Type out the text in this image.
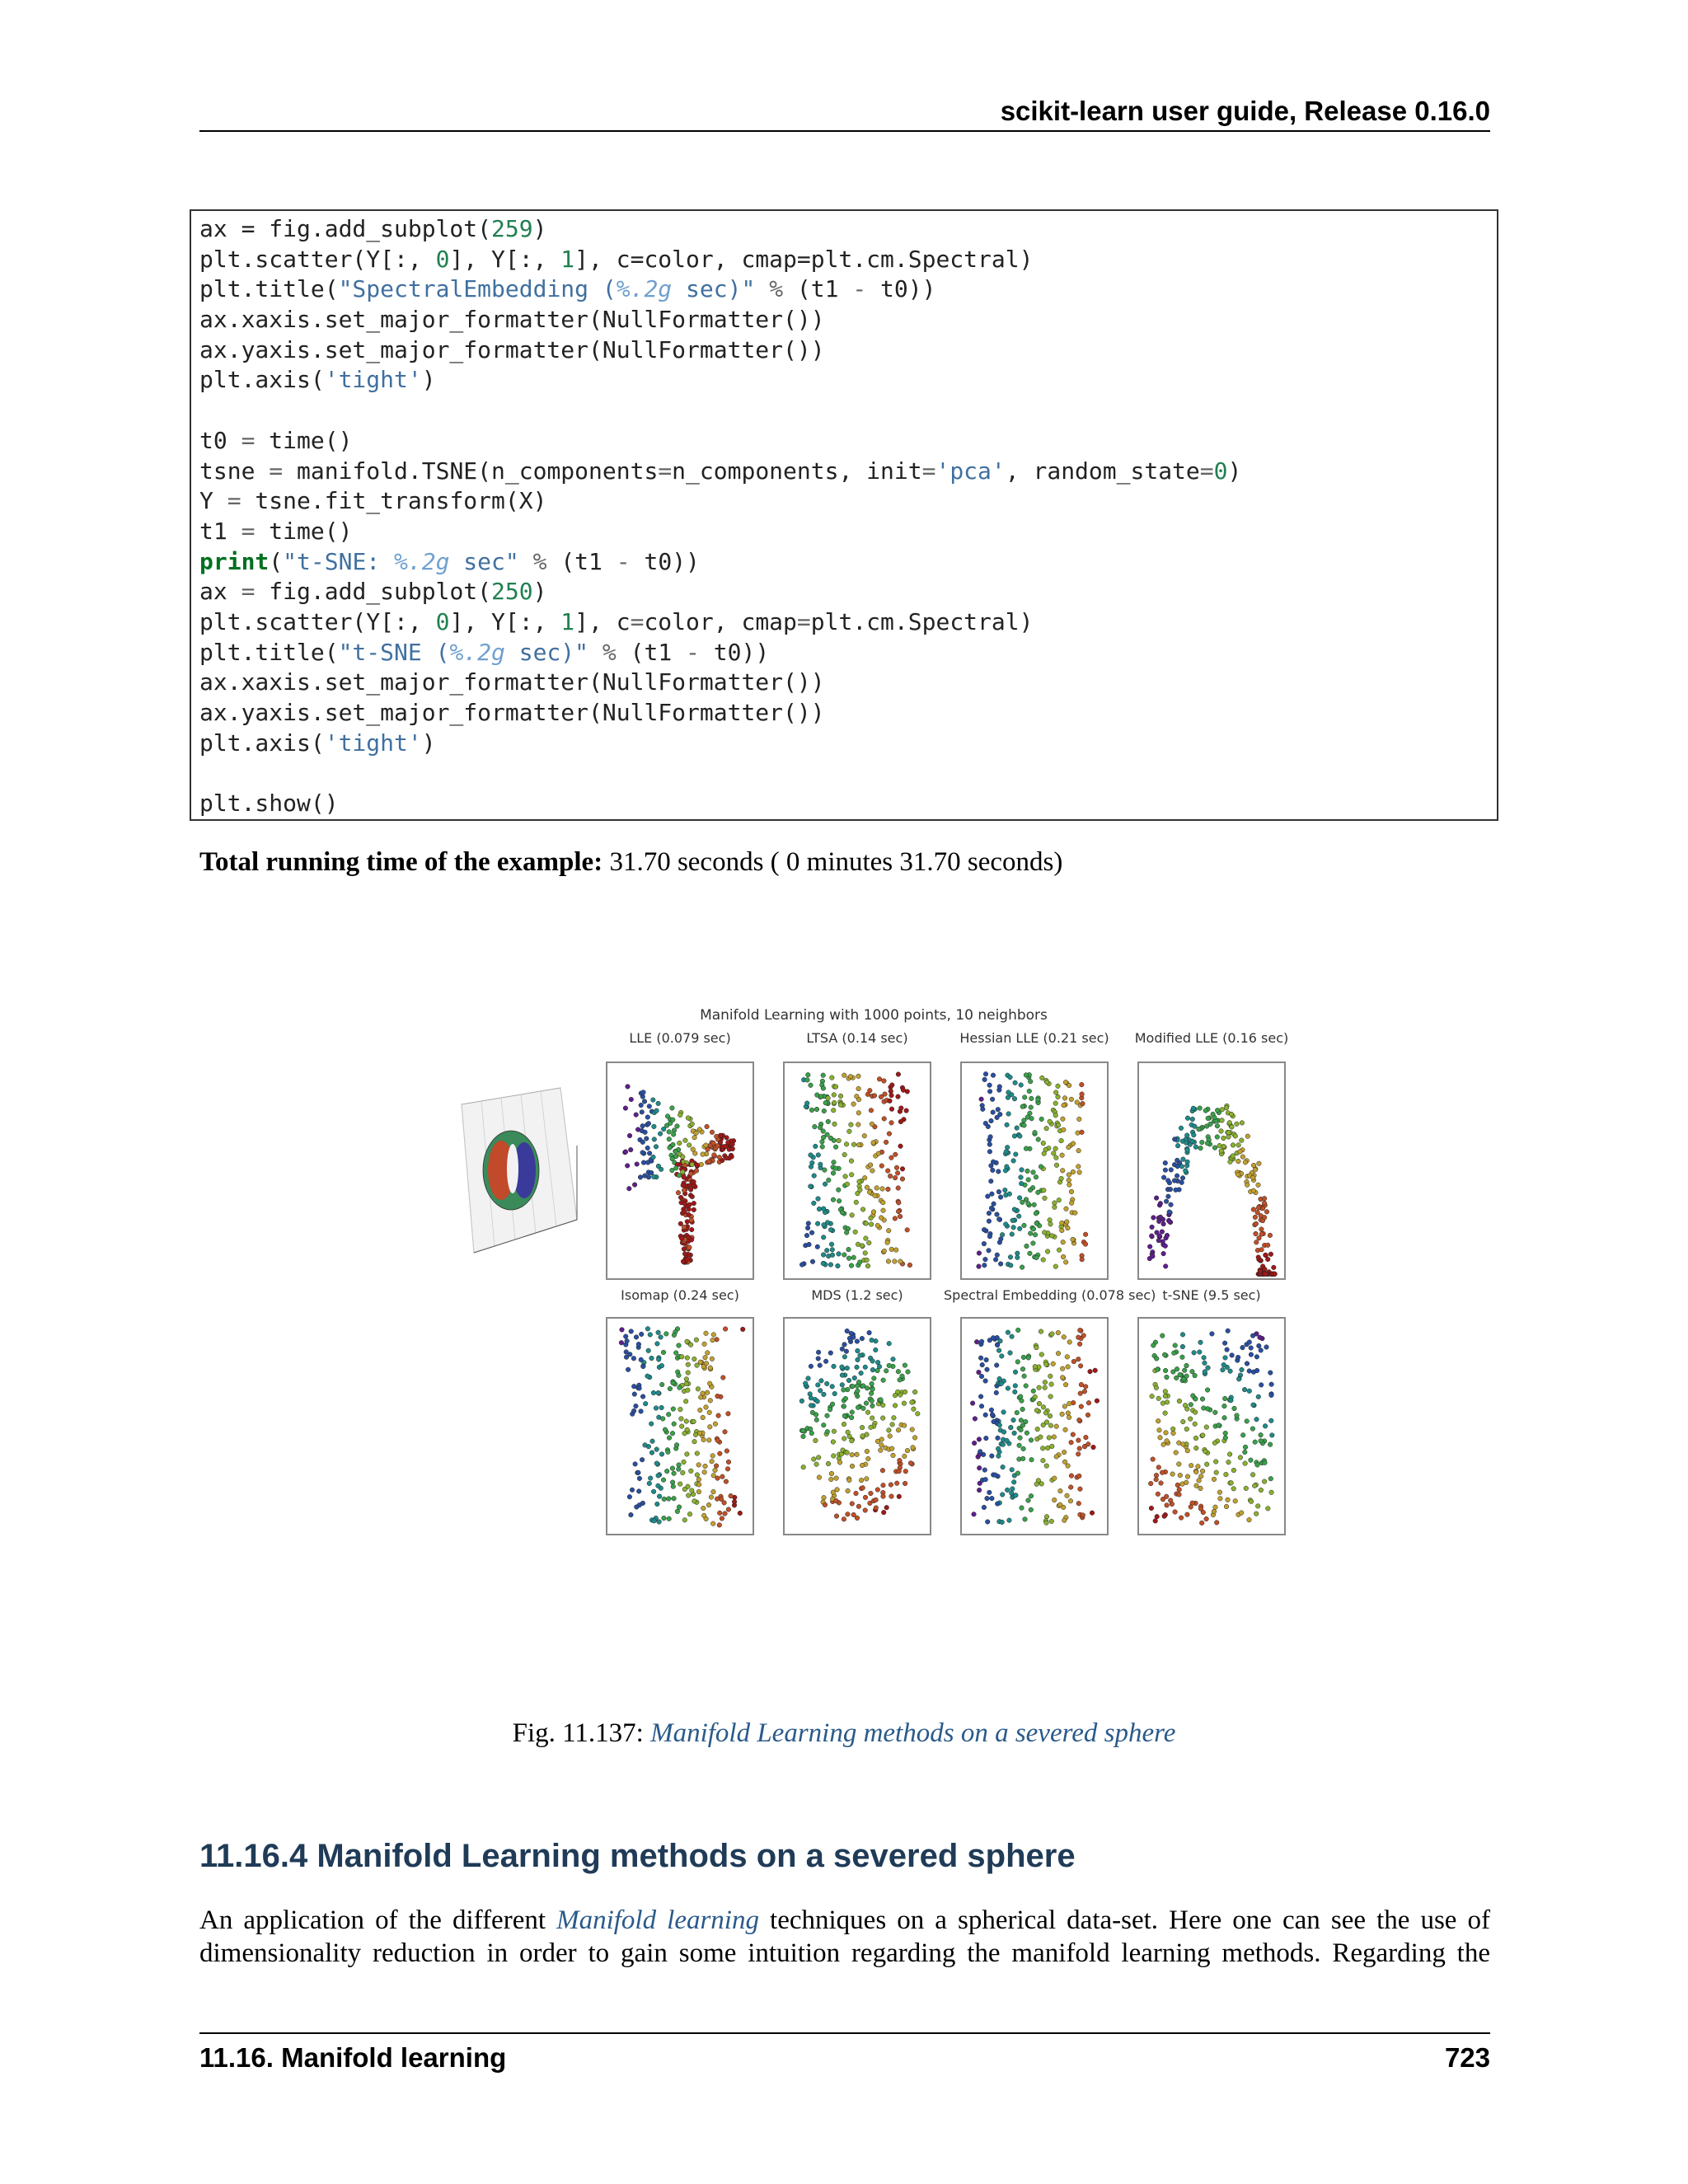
scikit-learn user guide, Release 0.16.0
ax = fig.add_subplot(259)
plt.scatter(Y[:, 0], Y[:, 1], c=color, cmap=plt.cm.Spectral)
plt.title("SpectralEmbedding (%.2g sec)" % (t1 - t0))
ax.xaxis.set_major_formatter(NullFormatter())
ax.yaxis.set_major_formatter(NullFormatter())
plt.axis('tight')
t0 = time()
tsne = manifold.TSNE(n_components=n_components, init='pca', random_state=0)
Y = tsne.fit_transform(X)
t1 = time()
print("t-SNE: %.2g sec" % (t1 - t0))
ax = fig.add_subplot(250)
plt.scatter(Y[:, 0], Y[:, 1], c=color, cmap=plt.cm.Spectral)
plt.title("t-SNE (%.2g sec)" % (t1 - t0))
ax.xaxis.set_major_formatter(NullFormatter())
ax.yaxis.set_major_formatter(NullFormatter())
plt.axis('tight')
plt.show()
Total running time of the example: 31.70 seconds ( 0 minutes 31.70 seconds)
Manifold Learning with 1000 points, 10 neighbors
LLE (0.079 sec)	LTSA (0.14 sec)	Hessian LLE (0.21 sec)	Modified LLE (0.16 sec)
Isomap (0.24 sec)	MDS (1.2 sec)	Spectral Embedding (0.078 sec) t-SNE (9.5 sec)
Fig. 11.137: Manifold Learning methods on a severed sphere
11.16.4 Manifold Learning methods on a severed sphere
An application of the different Manifold learning techniques on a spherical data-set. Here one can see the use of
dimensionality reduction in order to gain some intuition regarding the manifold learning methods. Regarding the
11.16. Manifold learning	723
